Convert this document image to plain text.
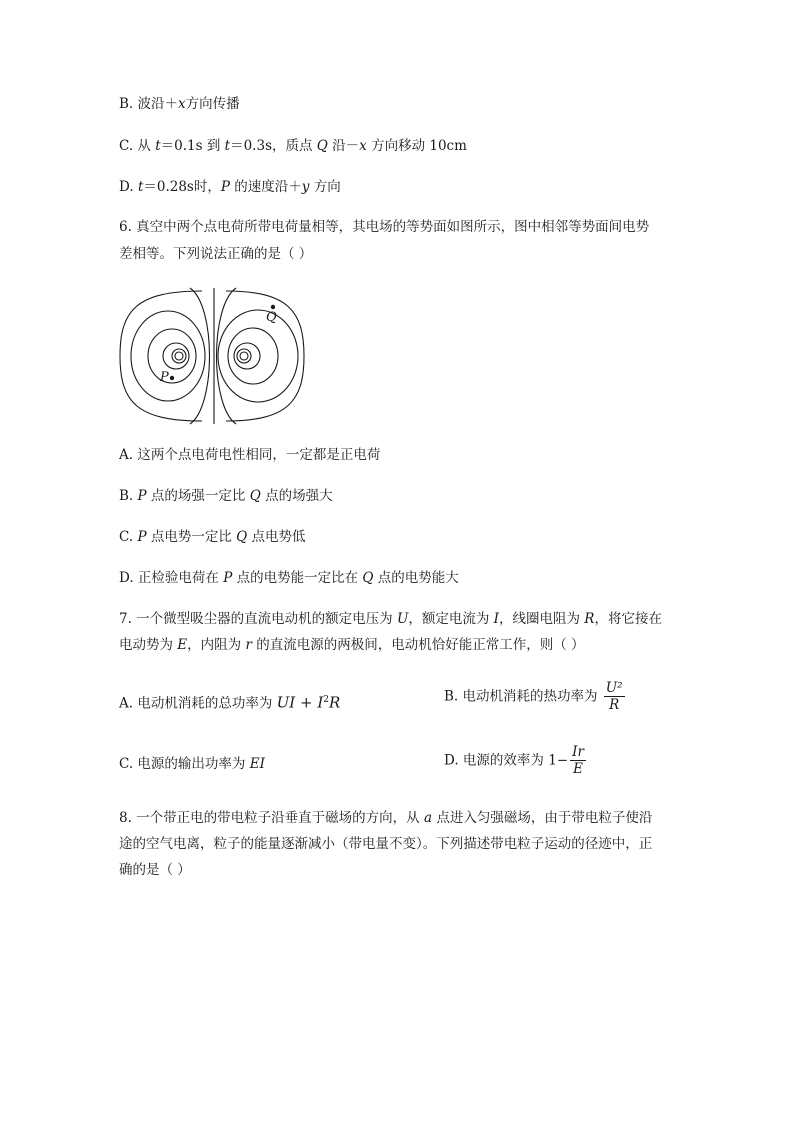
B. 波沿＋x方向传播
C. 从 t＝0.1s 到 t＝0.3s，质点 Q 沿－x 方向移动 10cm
D. t＝0.28s时，P 的速度沿＋y 方向
6. 真空中两个点电荷所带电荷量相等，其电场的等势面如图所示，图中相邻等势面间电势
差相等。下列说法正确的是（ ）
P
Q
A. 这两个点电荷电性相同，一定都是正电荷
B. P 点的场强一定比 Q 点的场强大
C. P 点电势一定比 Q 点电势低
D. 正检验电荷在 P 点的电势能一定比在 Q 点的电势能大
7. 一个微型吸尘器的直流电动机的额定电压为 U，额定电流为 I，线圈电阻为 R，将它接在
电动势为 E，内阻为 r 的直流电源的两极间，电动机恰好能正常工作，则（ ）
A. 电动机消耗的总功率为 UI + $I^2R$	B. 电动机消耗的热功率为 $\frac{\text{U²}}{R}$
C. 电源的输出功率为 EI	D. 电源的效率为 $1- \frac{Ir}{E}$
8. 一个带正电的带电粒子沿垂直于磁场的方向，从 a 点进入匀强磁场，由于带电粒子使沿
途的空气电离，粒子的能量逐渐减小（带电量不变）。下列描述带电粒子运动的径迹中，正
确的是（ ）
